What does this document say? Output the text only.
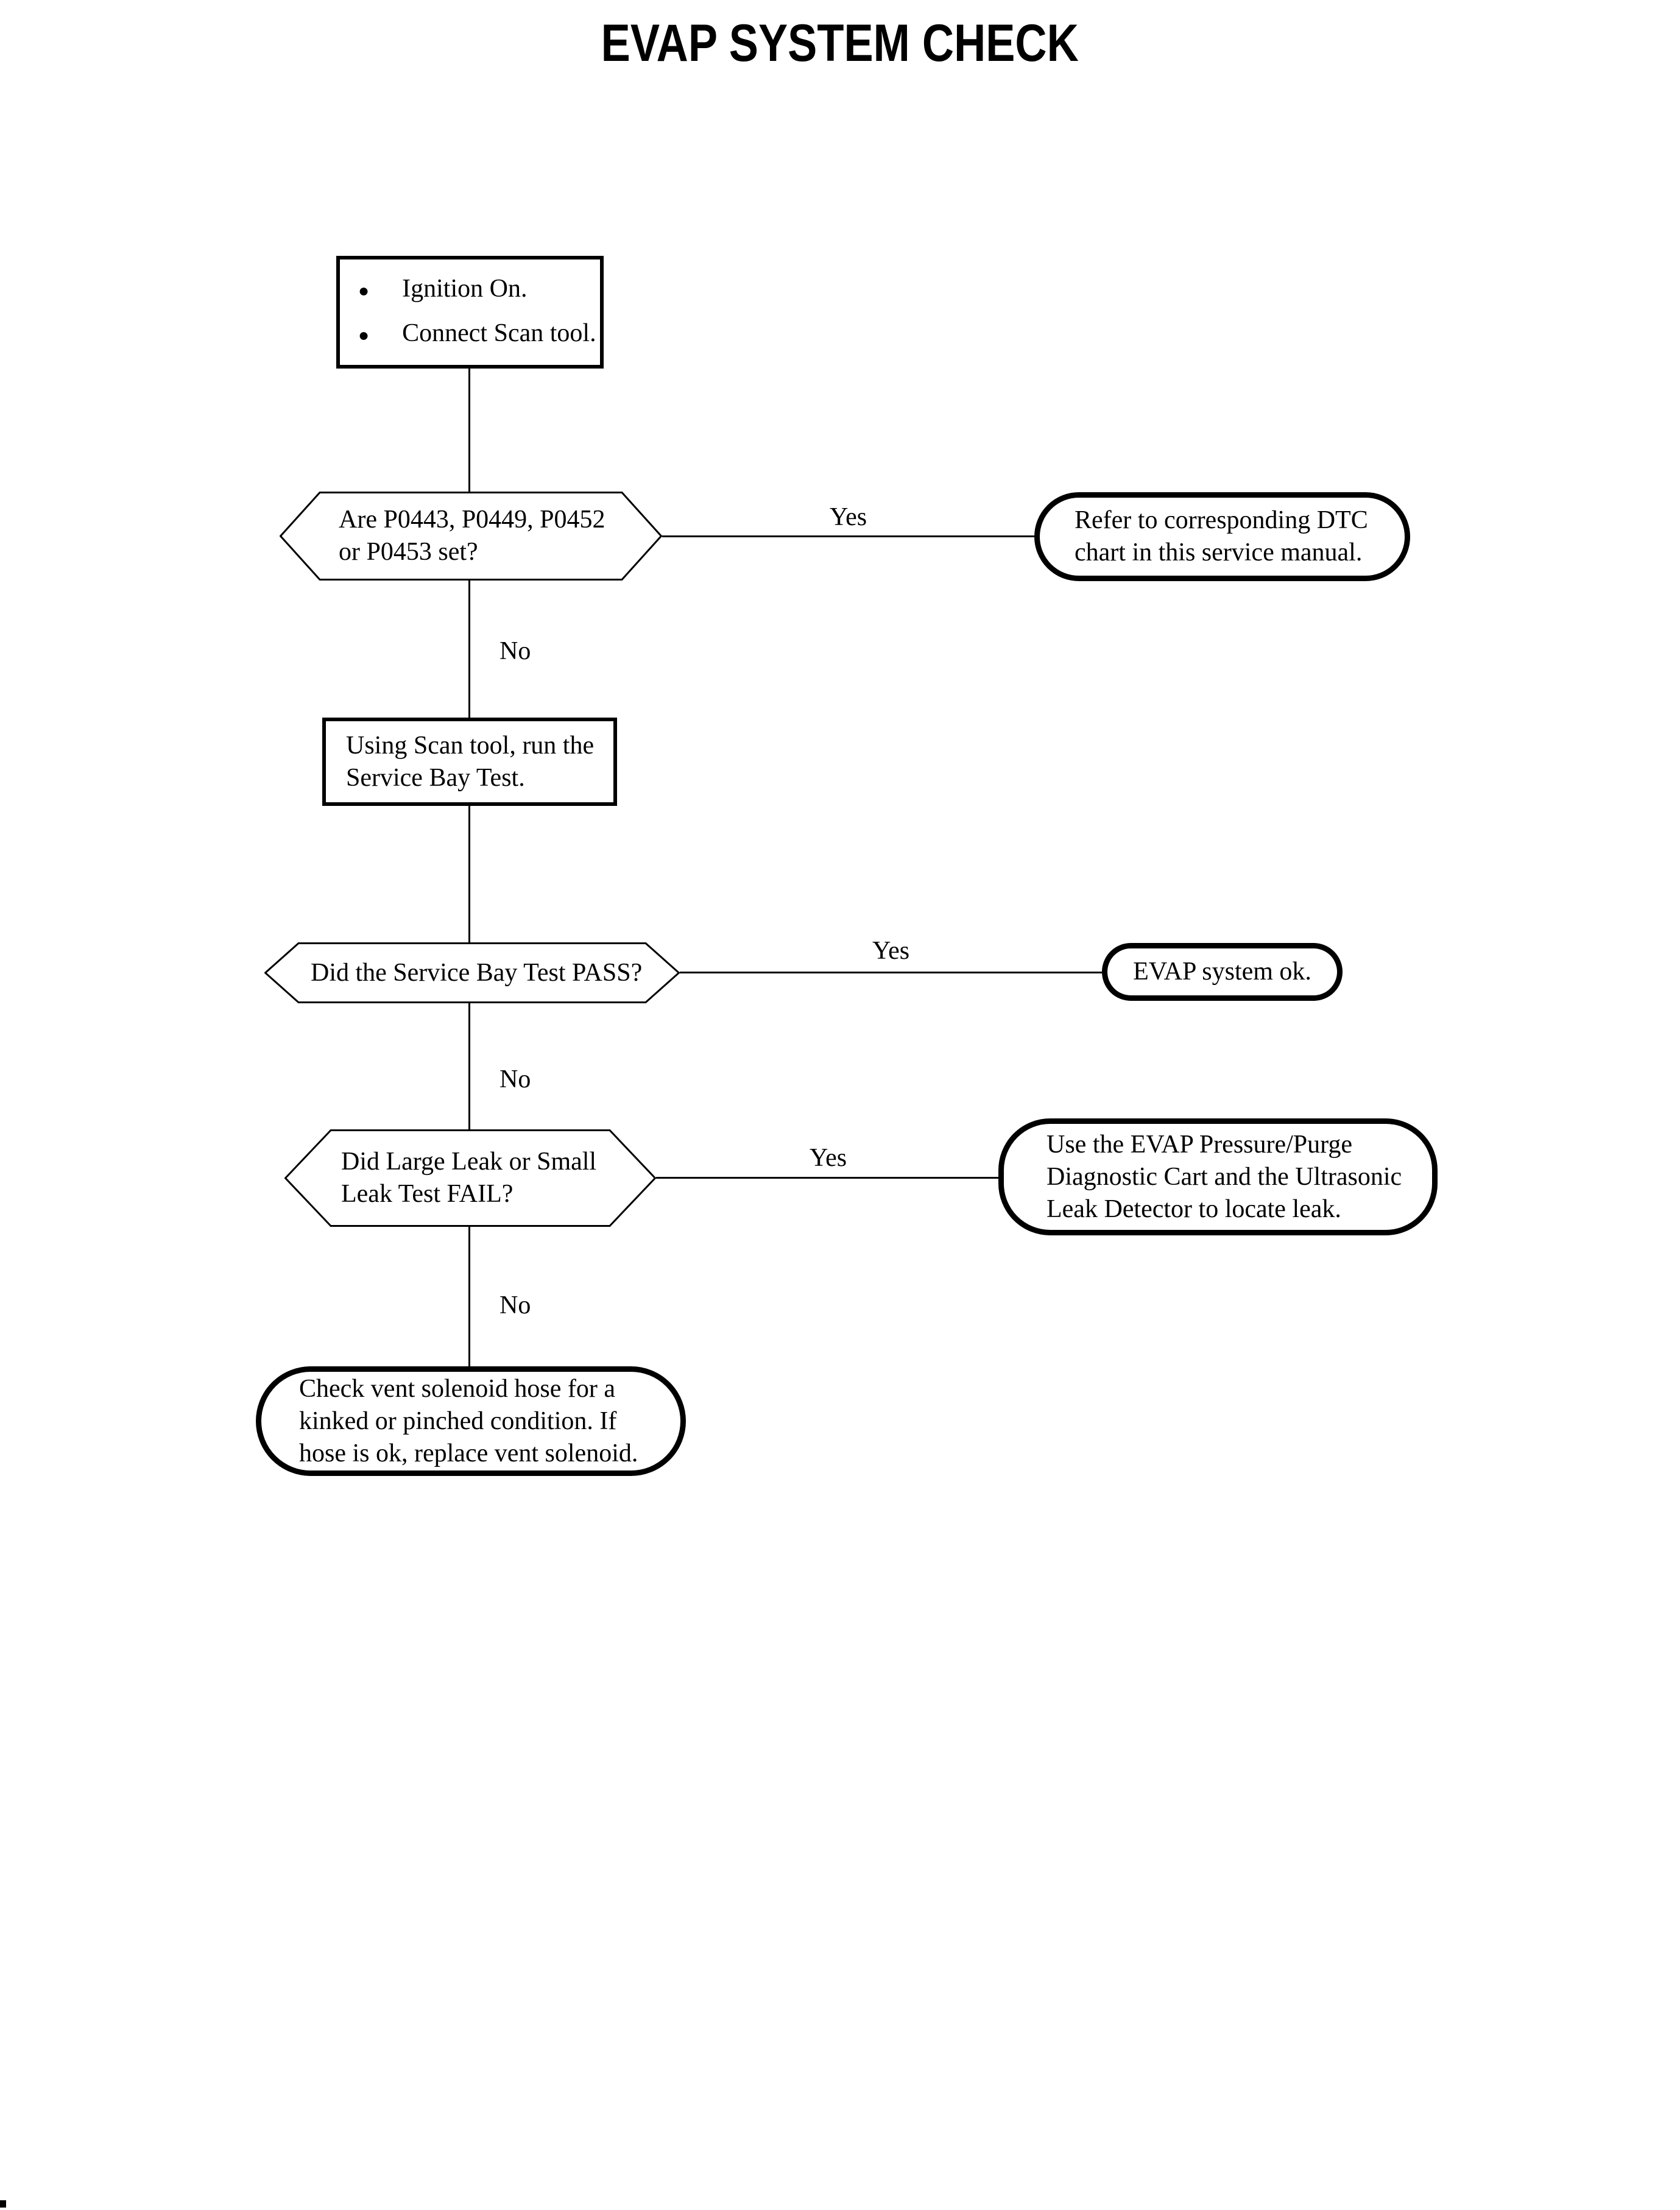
EVAP SYSTEM CHECK
●	Ignition On.
●	Connect Scan tool.
Are P0443, P0449, P0452
or P0453 set?
Yes	Refer to corresponding DTC
chart in this service manual.
No
Using Scan tool, run the
Service Bay Test.
Did the Service Bay Test PASS?
Yes
EVAP system ok.
No
Did Large Leak or Small
Leak Test FAIL?
Yes	Use the EVAP Pressure/Purge
Diagnostic Cart and the Ultrasonic
Leak Detector to locate leak.
No
Check vent solenoid hose for a
kinked or pinched condition. If
hose is ok, replace vent solenoid.
